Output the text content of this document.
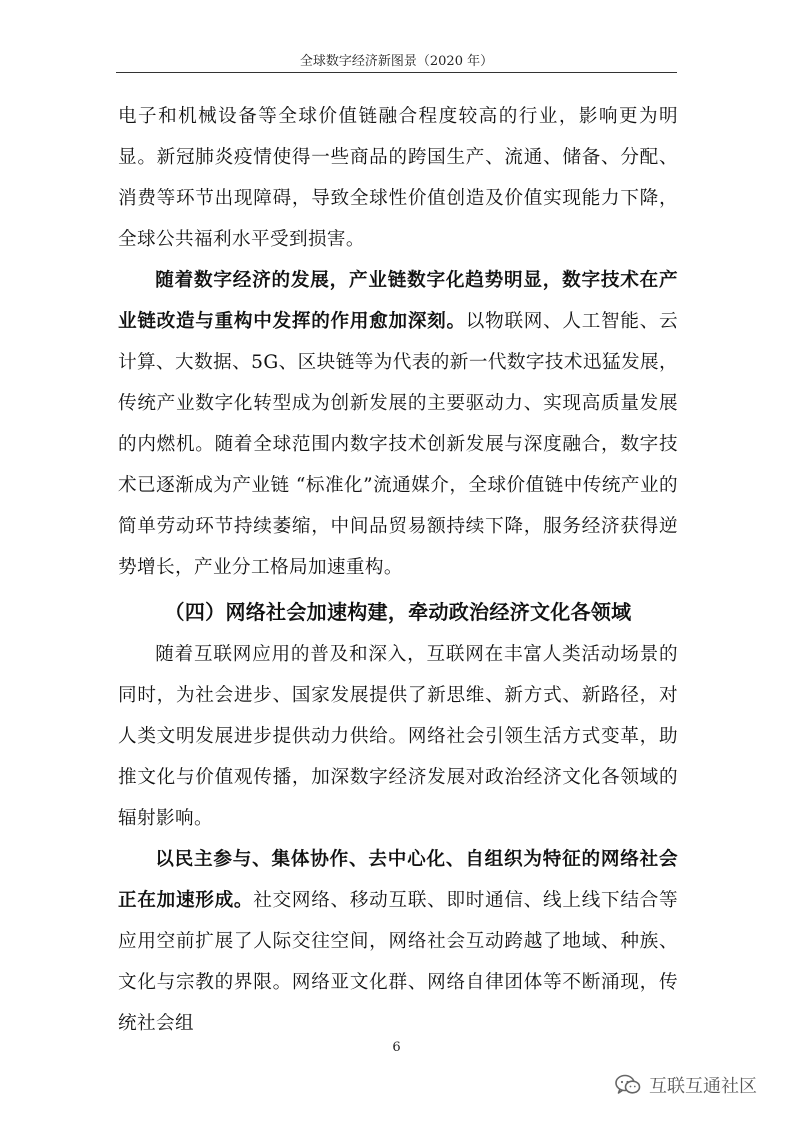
全球数字经济新图景（2020 年）

电子和机械设备等全球价值链融合程度较高的行业，影响更为明显。新冠肺炎疫情使得一些商品的跨国生产、流通、储备、分配、消费等环节出现障碍，导致全球性价值创造及价值实现能力下降，全球公共福利水平受到损害。

随着数字经济的发展，产业链数字化趋势明显，数字技术在产业链改造与重构中发挥的作用愈加深刻。以物联网、人工智能、云计算、大数据、5G、区块链等为代表的新一代数字技术迅猛发展，传统产业数字化转型成为创新发展的主要驱动力、实现高质量发展的内燃机。随着全球范围内数字技术创新发展与深度融合，数字技术已逐渐成为产业链 “标准化”流通媒介，全球价值链中传统产业的简单劳动环节持续萎缩，中间品贸易额持续下降，服务经济获得逆势增长，产业分工格局加速重构。

（四）网络社会加速构建，牵动政治经济文化各领域

随着互联网应用的普及和深入，互联网在丰富人类活动场景的同时，为社会进步、国家发展提供了新思维、新方式、新路径，对人类文明发展进步提供动力供给。网络社会引领生活方式变革，助推文化与价值观传播，加深数字经济发展对政治经济文化各领域的辐射影响。

以民主参与、集体协作、去中心化、自组织为特征的网络社会正在加速形成。社交网络、移动互联、即时通信、线上线下结合等应用空前扩展了人际交往空间，网络社会互动跨越了地域、种族、文化与宗教的界限。网络亚文化群、网络自律团体等不断涌现，传统社会组

6
互联互通社区
